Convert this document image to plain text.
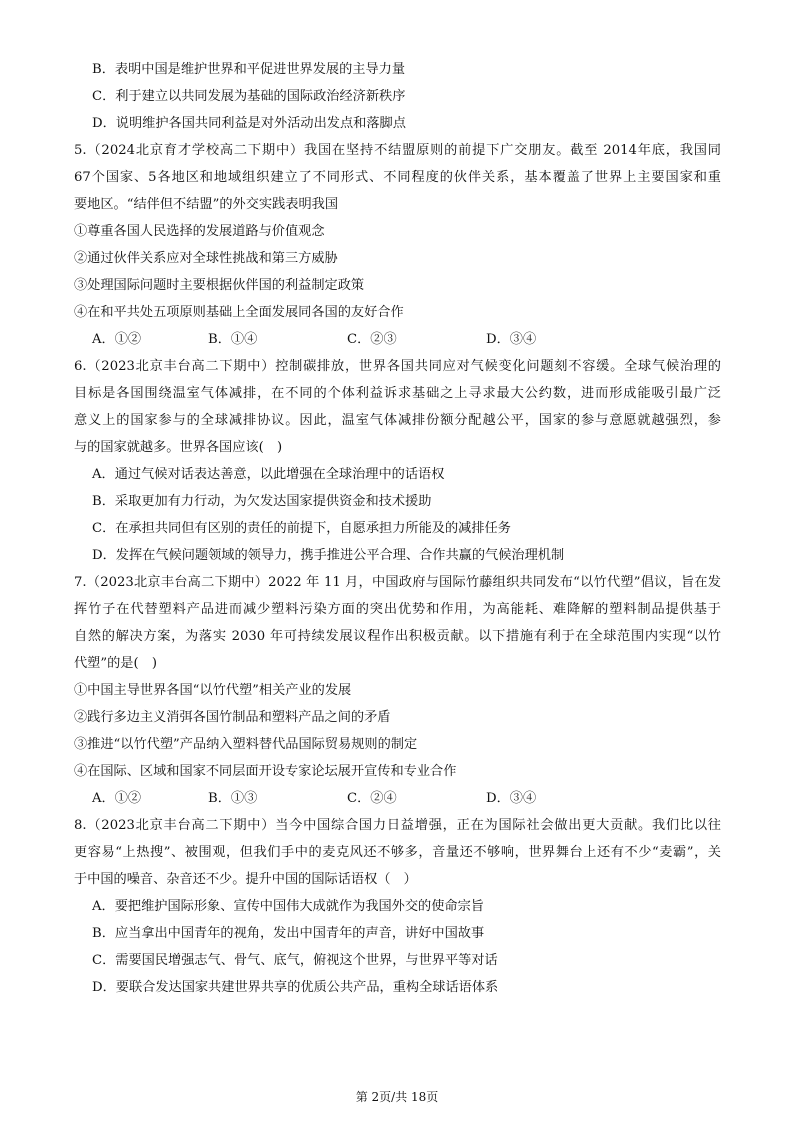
B．表明中国是维护世界和平促进世界发展的主导力量
C．利于建立以共同发展为基础的国际政治经济新秩序
D．说明维护各国共同利益是对外活动出发点和落脚点
5.（2024北京育才学校高二下期中）我国在坚持不结盟原则的前提下广交朋友。截至 2014年底，我国同
67个国家、5各地区和地域组织建立了不同形式、不同程度的伙伴关系，基本覆盖了世界上主要国家和重
要地区。“结伴但不结盟”的外交实践表明我国
①尊重各国人民选择的发展道路与价值观念
②通过伙伴关系应对全球性挑战和第三方威胁
③处理国际问题时主要根据伙伴国的利益制定政策
④在和平共处五项原则基础上全面发展同各国的友好合作
A．①②	B．①④	C．②③	D．③④
6.（2023北京丰台高二下期中）控制碳排放，世界各国共同应对气候变化问题刻不容缓。全球气候治理的
目标是各国围绕温室气体减排，在不同的个体利益诉求基础之上寻求最大公约数，进而形成能吸引最广泛
意义上的国家参与的全球减排协议。因此，温室气体减排份额分配越公平，国家的参与意愿就越强烈，参
与的国家就越多。世界各国应该(　)
A．通过气候对话表达善意，以此增强在全球治理中的话语权
B．采取更加有力行动，为欠发达国家提供资金和技术援助
C．在承担共同但有区别的责任的前提下，自愿承担力所能及的减排任务
D．发挥在气候问题领域的领导力，携手推进公平合理、合作共赢的气候治理机制
7.（2023北京丰台高二下期中）2022 年 11 月，中国政府与国际竹藤组织共同发布“以竹代塑”倡议，旨在发
挥竹子在代替塑料产品进而减少塑料污染方面的突出优势和作用，为高能耗、难降解的塑料制品提供基于
自然的解决方案，为落实 2030 年可持续发展议程作出积极贡献。以下措施有利于在全球范围内实现“以竹
代塑”的是(　)
①中国主导世界各国“以竹代塑”相关产业的发展
②践行多边主义消弭各国竹制品和塑料产品之间的矛盾
③推进“以竹代塑”产品纳入塑料替代品国际贸易规则的制定
④在国际、区域和国家不同层面开设专家论坛展开宣传和专业合作
A．①②	B．①③	C．②④	D．③④
8.（2023北京丰台高二下期中）当今中国综合国力日益增强，正在为国际社会做出更大贡献。我们比以往
更容易“上热搜”、被围观，但我们手中的麦克风还不够多，音量还不够响，世界舞台上还有不少“麦霸”，关
于中国的噪音、杂音还不少。提升中国的国际话语权（　）
A．要把维护国际形象、宣传中国伟大成就作为我国外交的使命宗旨
B．应当拿出中国青年的视角，发出中国青年的声音，讲好中国故事
C．需要国民增强志气、骨气、底气，俯视这个世界，与世界平等对话
D．要联合发达国家共建世界共享的优质公共产品，重构全球话语体系
第 2页/共 18页
